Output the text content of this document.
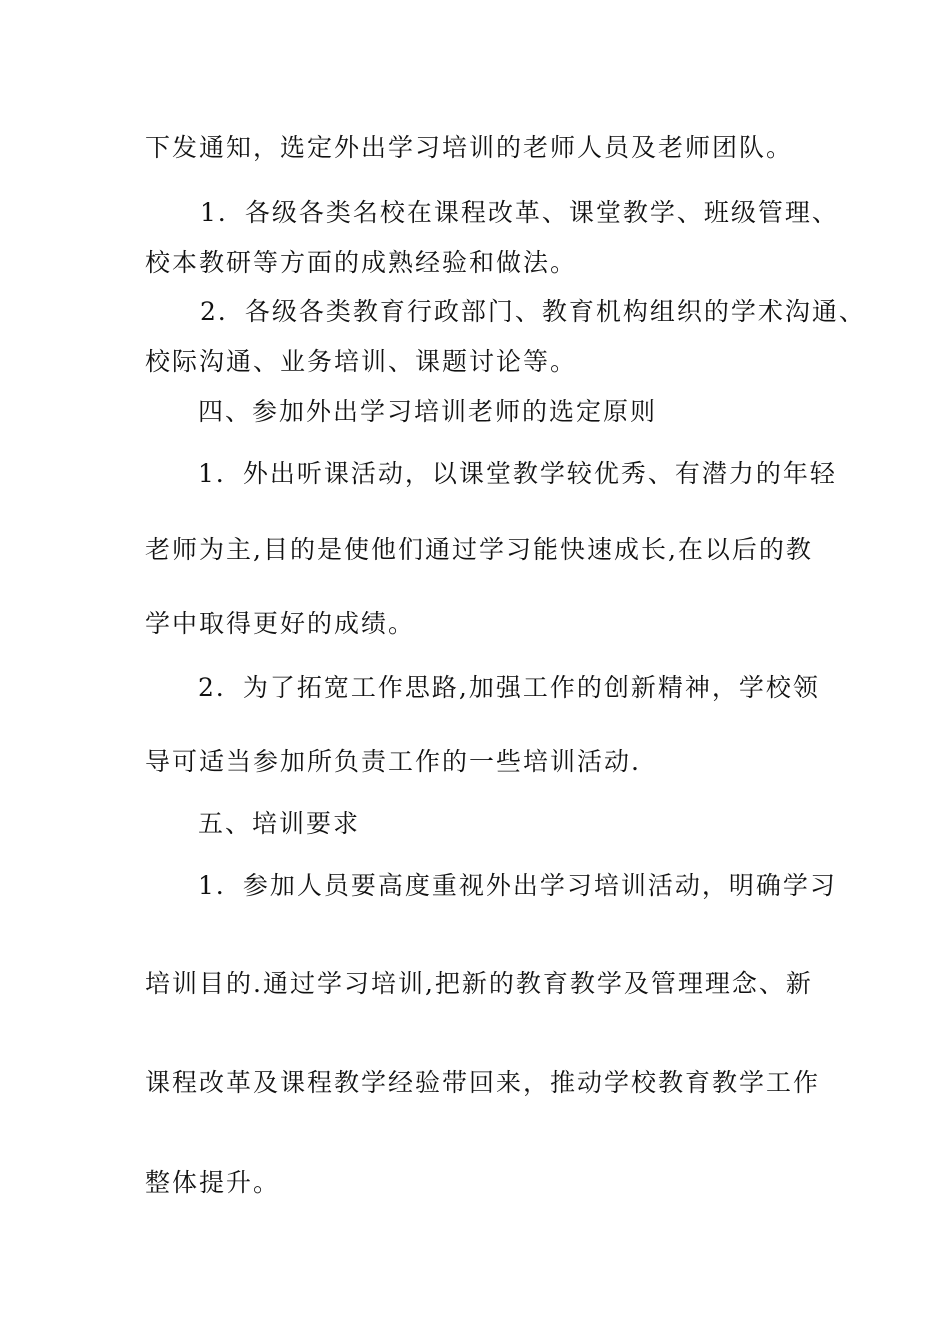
下发通知，选定外出学习培训的老师人员及老师团队。
1．各级各类名校在课程改革、课堂教学、班级管理、
校本教研等方面的成熟经验和做法。
2．各级各类教育行政部门、教育机构组织的学术沟通、
校际沟通、业务培训、课题讨论等。
四、参加外出学习培训老师的选定原则
1．外出听课活动，以课堂教学较优秀、有潜力的年轻
老师为主,目的是使他们通过学习能快速成长,在以后的教
学中取得更好的成绩。
2．为了拓宽工作思路,加强工作的创新精神，学校领
导可适当参加所负责工作的一些培训活动.
五、培训要求
1．参加人员要高度重视外出学习培训活动，明确学习
培训目的.通过学习培训,把新的教育教学及管理理念、新
课程改革及课程教学经验带回来，推动学校教育教学工作
整体提升。
